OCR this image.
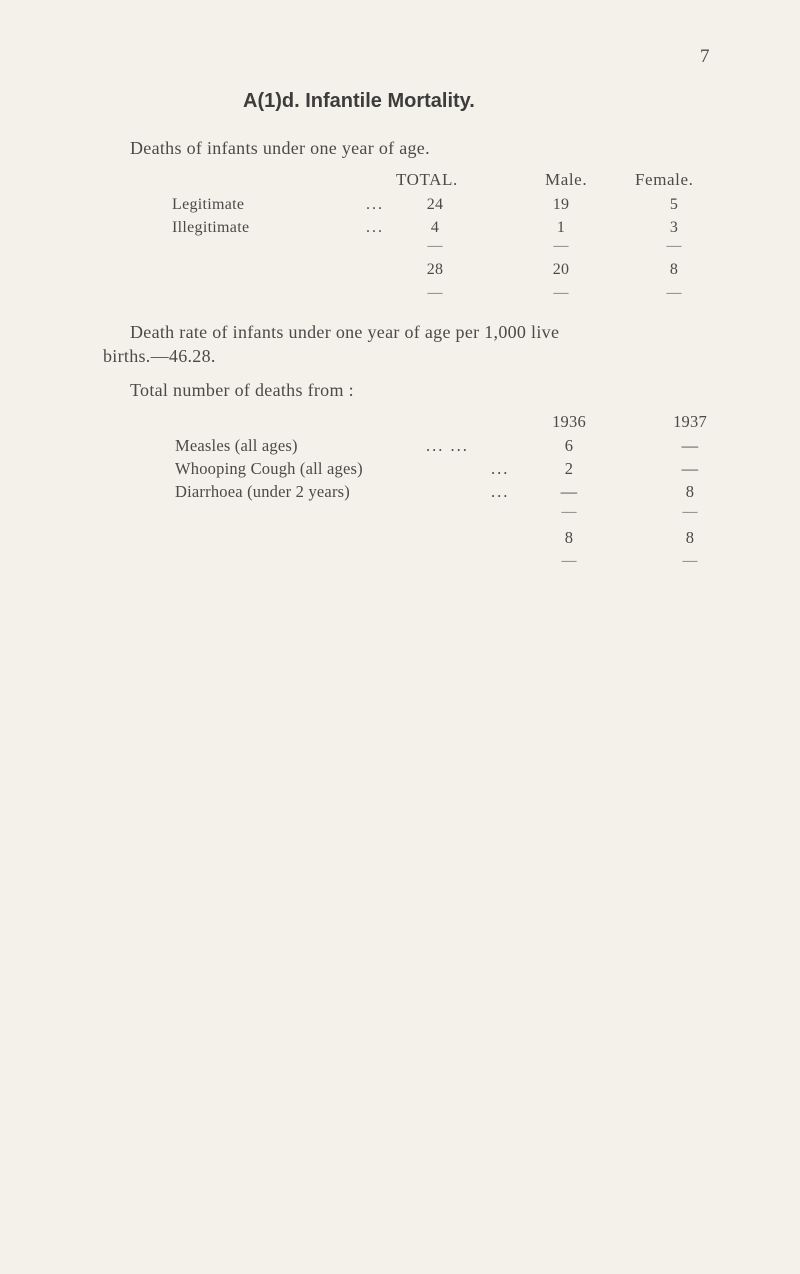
7
A(1)d. Infantile Mortality.
Deaths of infants under one year of age.
TOTAL.	Male.	Female.
Legitimate	...	24	19	5
Illegitimate	...	4	1	3
—	—	—
28	20	8
—	—	—
Death rate of infants under one year of age per 1,000 live
births.—46.28.
Total number of deaths from :
1936	1937
Measles (all ages)	... ...	6	—
Whooping Cough (all ages)	...	2	—
Diarrhoea (under 2 years)	...	—	8
—	—
8	8
—	—
